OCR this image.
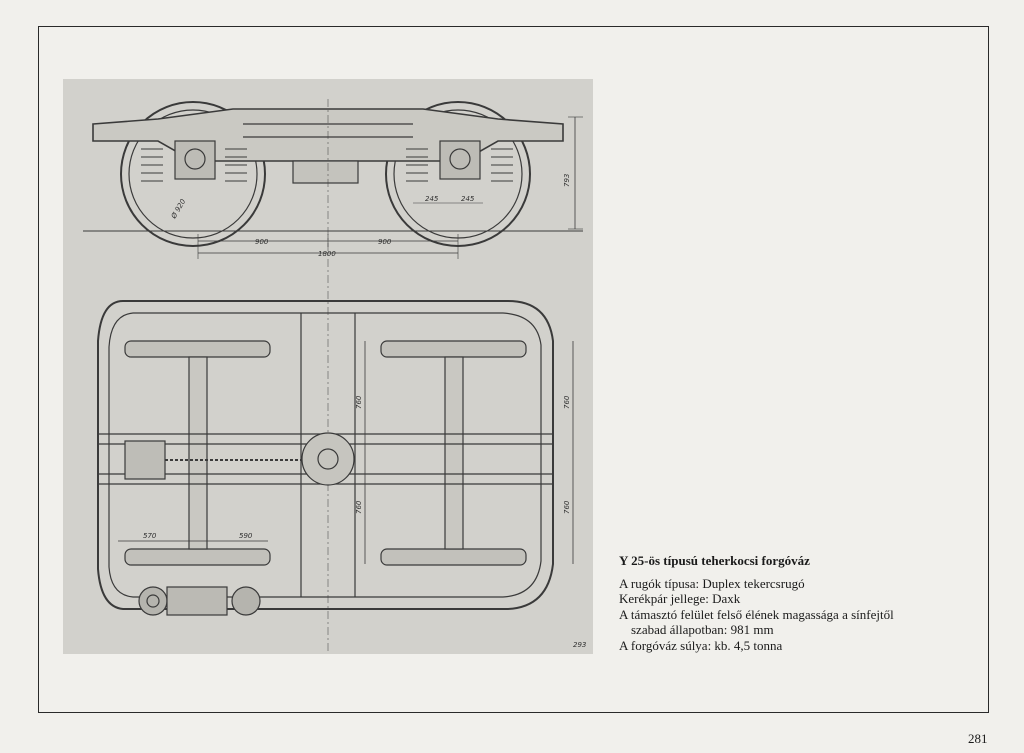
900	900
1800
Ø 920	245	245
793
760
760
760
760
570	590
293
Y 25-ös típusú teherkocsi forgóváz
A rugók típusa: Duplex tekercsrugó
Kerékpár jellege: Daxk
A támasztó felület felső élének magassága a sínfejtől
szabad állapotban: 981 mm
A forgóváz súlya: kb. 4,5 tonna
281
